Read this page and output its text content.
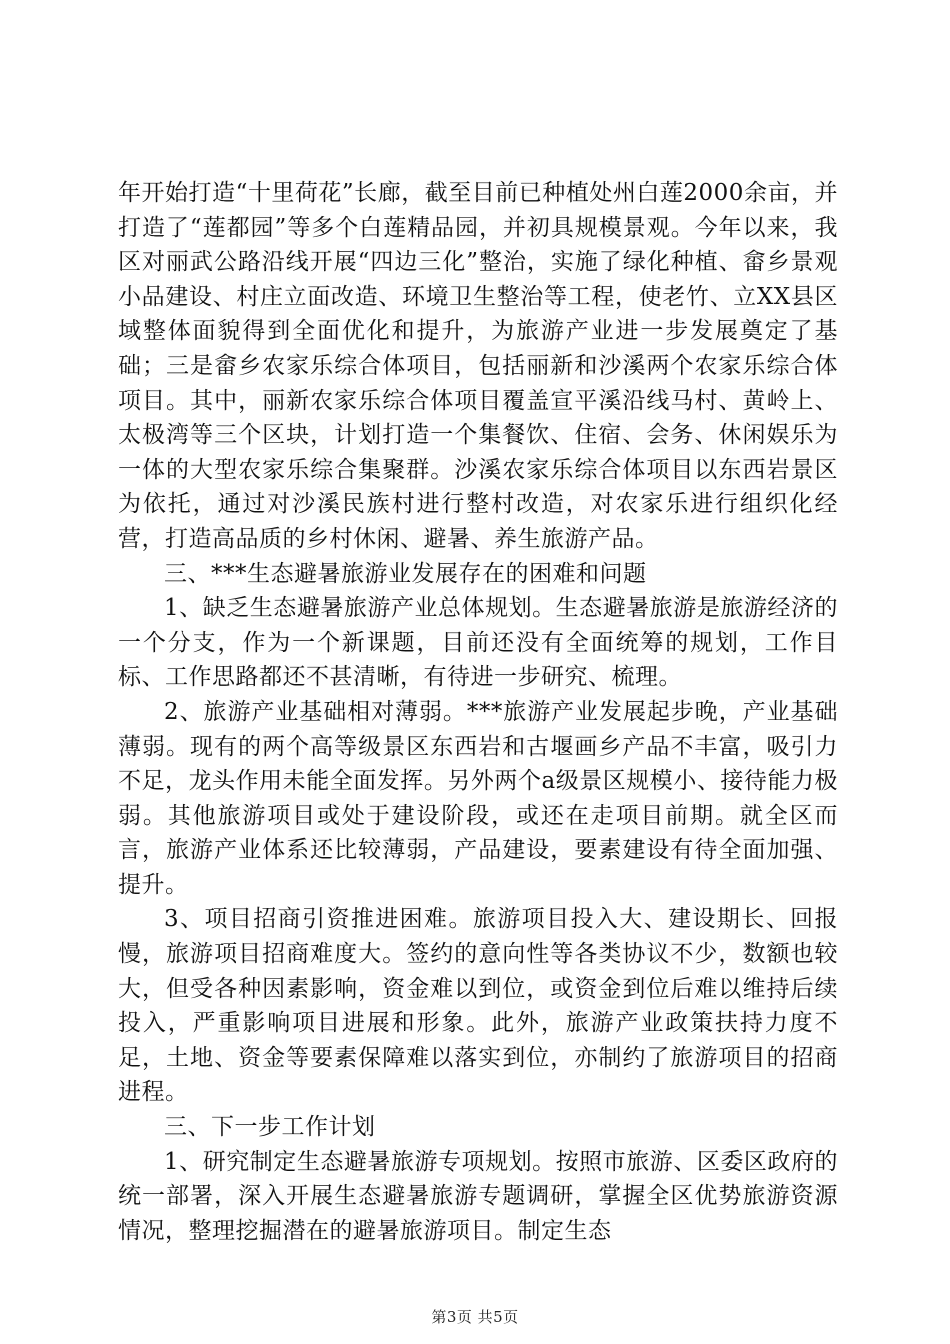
年开始打造“十里荷花”长廊，截至目前已种植处州白莲2000余亩，并打造了“莲都园”等多个白莲精品园，并初具规模景观。今年以来，我区对丽武公路沿线开展“四边三化”整治，实施了绿化种植、畲乡景观小品建设、村庄立面改造、环境卫生整治等工程，使老竹、立XX县区域整体面貌得到全面优化和提升，为旅游产业进一步发展奠定了基础；三是畲乡农家乐综合体项目，包括丽新和沙溪两个农家乐综合体项目。其中，丽新农家乐综合体项目覆盖宣平溪沿线马村、黄岭上、太极湾等三个区块，计划打造一个集餐饮、住宿、会务、休闲娱乐为一体的大型农家乐综合集聚群。沙溪农家乐综合体项目以东西岩景区为依托，通过对沙溪民族村进行整村改造，对农家乐进行组织化经营，打造高品质的乡村休闲、避暑、养生旅游产品。

三、***生态避暑旅游业发展存在的困难和问题

1、缺乏生态避暑旅游产业总体规划。生态避暑旅游是旅游经济的一个分支，作为一个新课题，目前还没有全面统筹的规划，工作目标、工作思路都还不甚清晰，有待进一步研究、梳理。

2、旅游产业基础相对薄弱。***旅游产业发展起步晚，产业基础薄弱。现有的两个高等级景区东西岩和古堰画乡产品不丰富，吸引力不足，龙头作用未能全面发挥。另外两个a级景区规模小、接待能力极弱。其他旅游项目或处于建设阶段，或还在走项目前期。就全区而言，旅游产业体系还比较薄弱，产品建设，要素建设有待全面加强、提升。

3、项目招商引资推进困难。旅游项目投入大、建设期长、回报慢，旅游项目招商难度大。签约的意向性等各类协议不少，数额也较大，但受各种因素影响，资金难以到位，或资金到位后难以维持后续投入，严重影响项目进展和形象。此外，旅游产业政策扶持力度不足，土地、资金等要素保障难以落实到位，亦制约了旅游项目的招商进程。

三、下一步工作计划

1、研究制定生态避暑旅游专项规划。按照市旅游、区委区政府的统一部署，深入开展生态避暑旅游专题调研，掌握全区优势旅游资源情况，整理挖掘潜在的避暑旅游项目。制定生态

第3页 共5页
